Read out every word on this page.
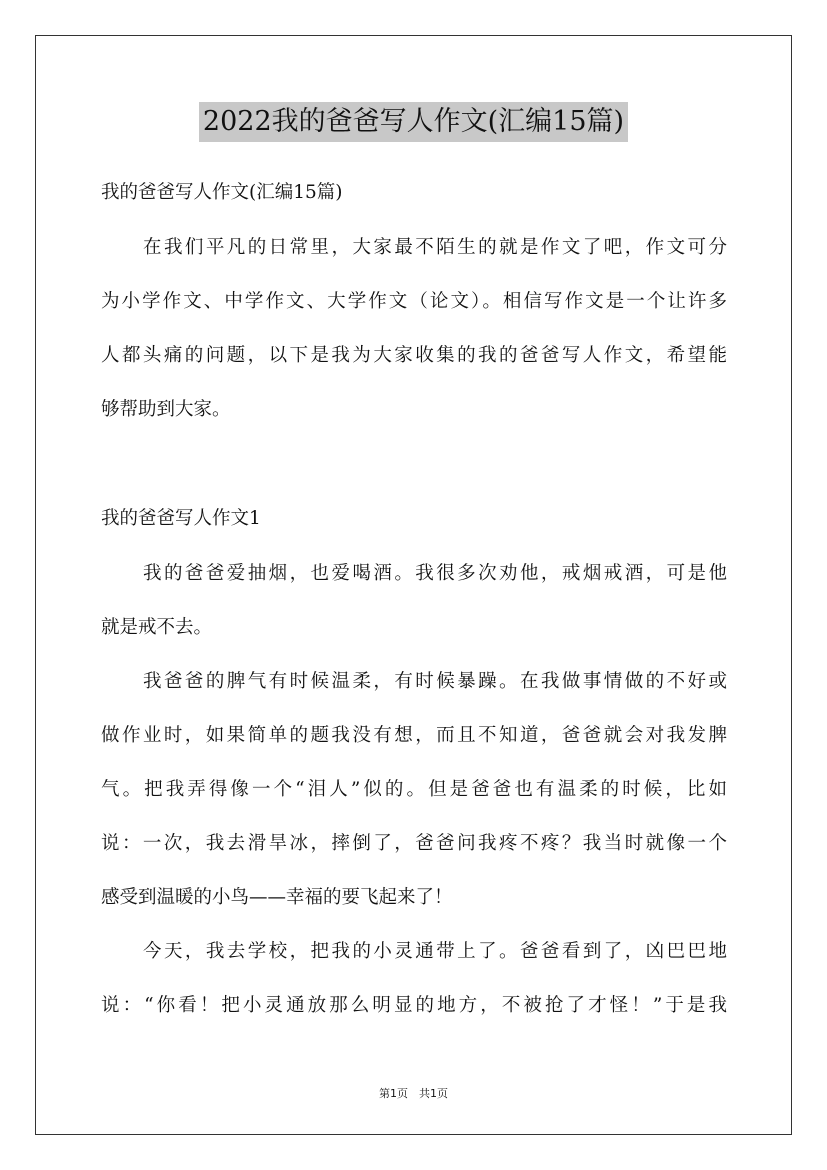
2022我的爸爸写人作文(汇编15篇)
我的爸爸写人作文(汇编15篇)
在我们平凡的日常里，大家最不陌生的就是作文了吧，作文可分
为小学作文、中学作文、大学作文（论文）。相信写作文是一个让许多
人都头痛的问题，以下是我为大家收集的我的爸爸写人作文，希望能
够帮助到大家。
我的爸爸写人作文1
我的爸爸爱抽烟，也爱喝酒。我很多次劝他，戒烟戒酒，可是他
就是戒不去。
我爸爸的脾气有时候温柔，有时候暴躁。在我做事情做的不好或
做作业时，如果简单的题我没有想，而且不知道，爸爸就会对我发脾
气。把我弄得像一个“泪人”似的。但是爸爸也有温柔的时候，比如
说：一次，我去滑旱冰，摔倒了，爸爸问我疼不疼？我当时就像一个
感受到温暖的小鸟——幸福的要飞起来了！
今天，我去学校，把我的小灵通带上了。爸爸看到了，凶巴巴地
说：“你看！把小灵通放那么明显的地方，不被抢了才怪！”于是我
第1页　共1页
